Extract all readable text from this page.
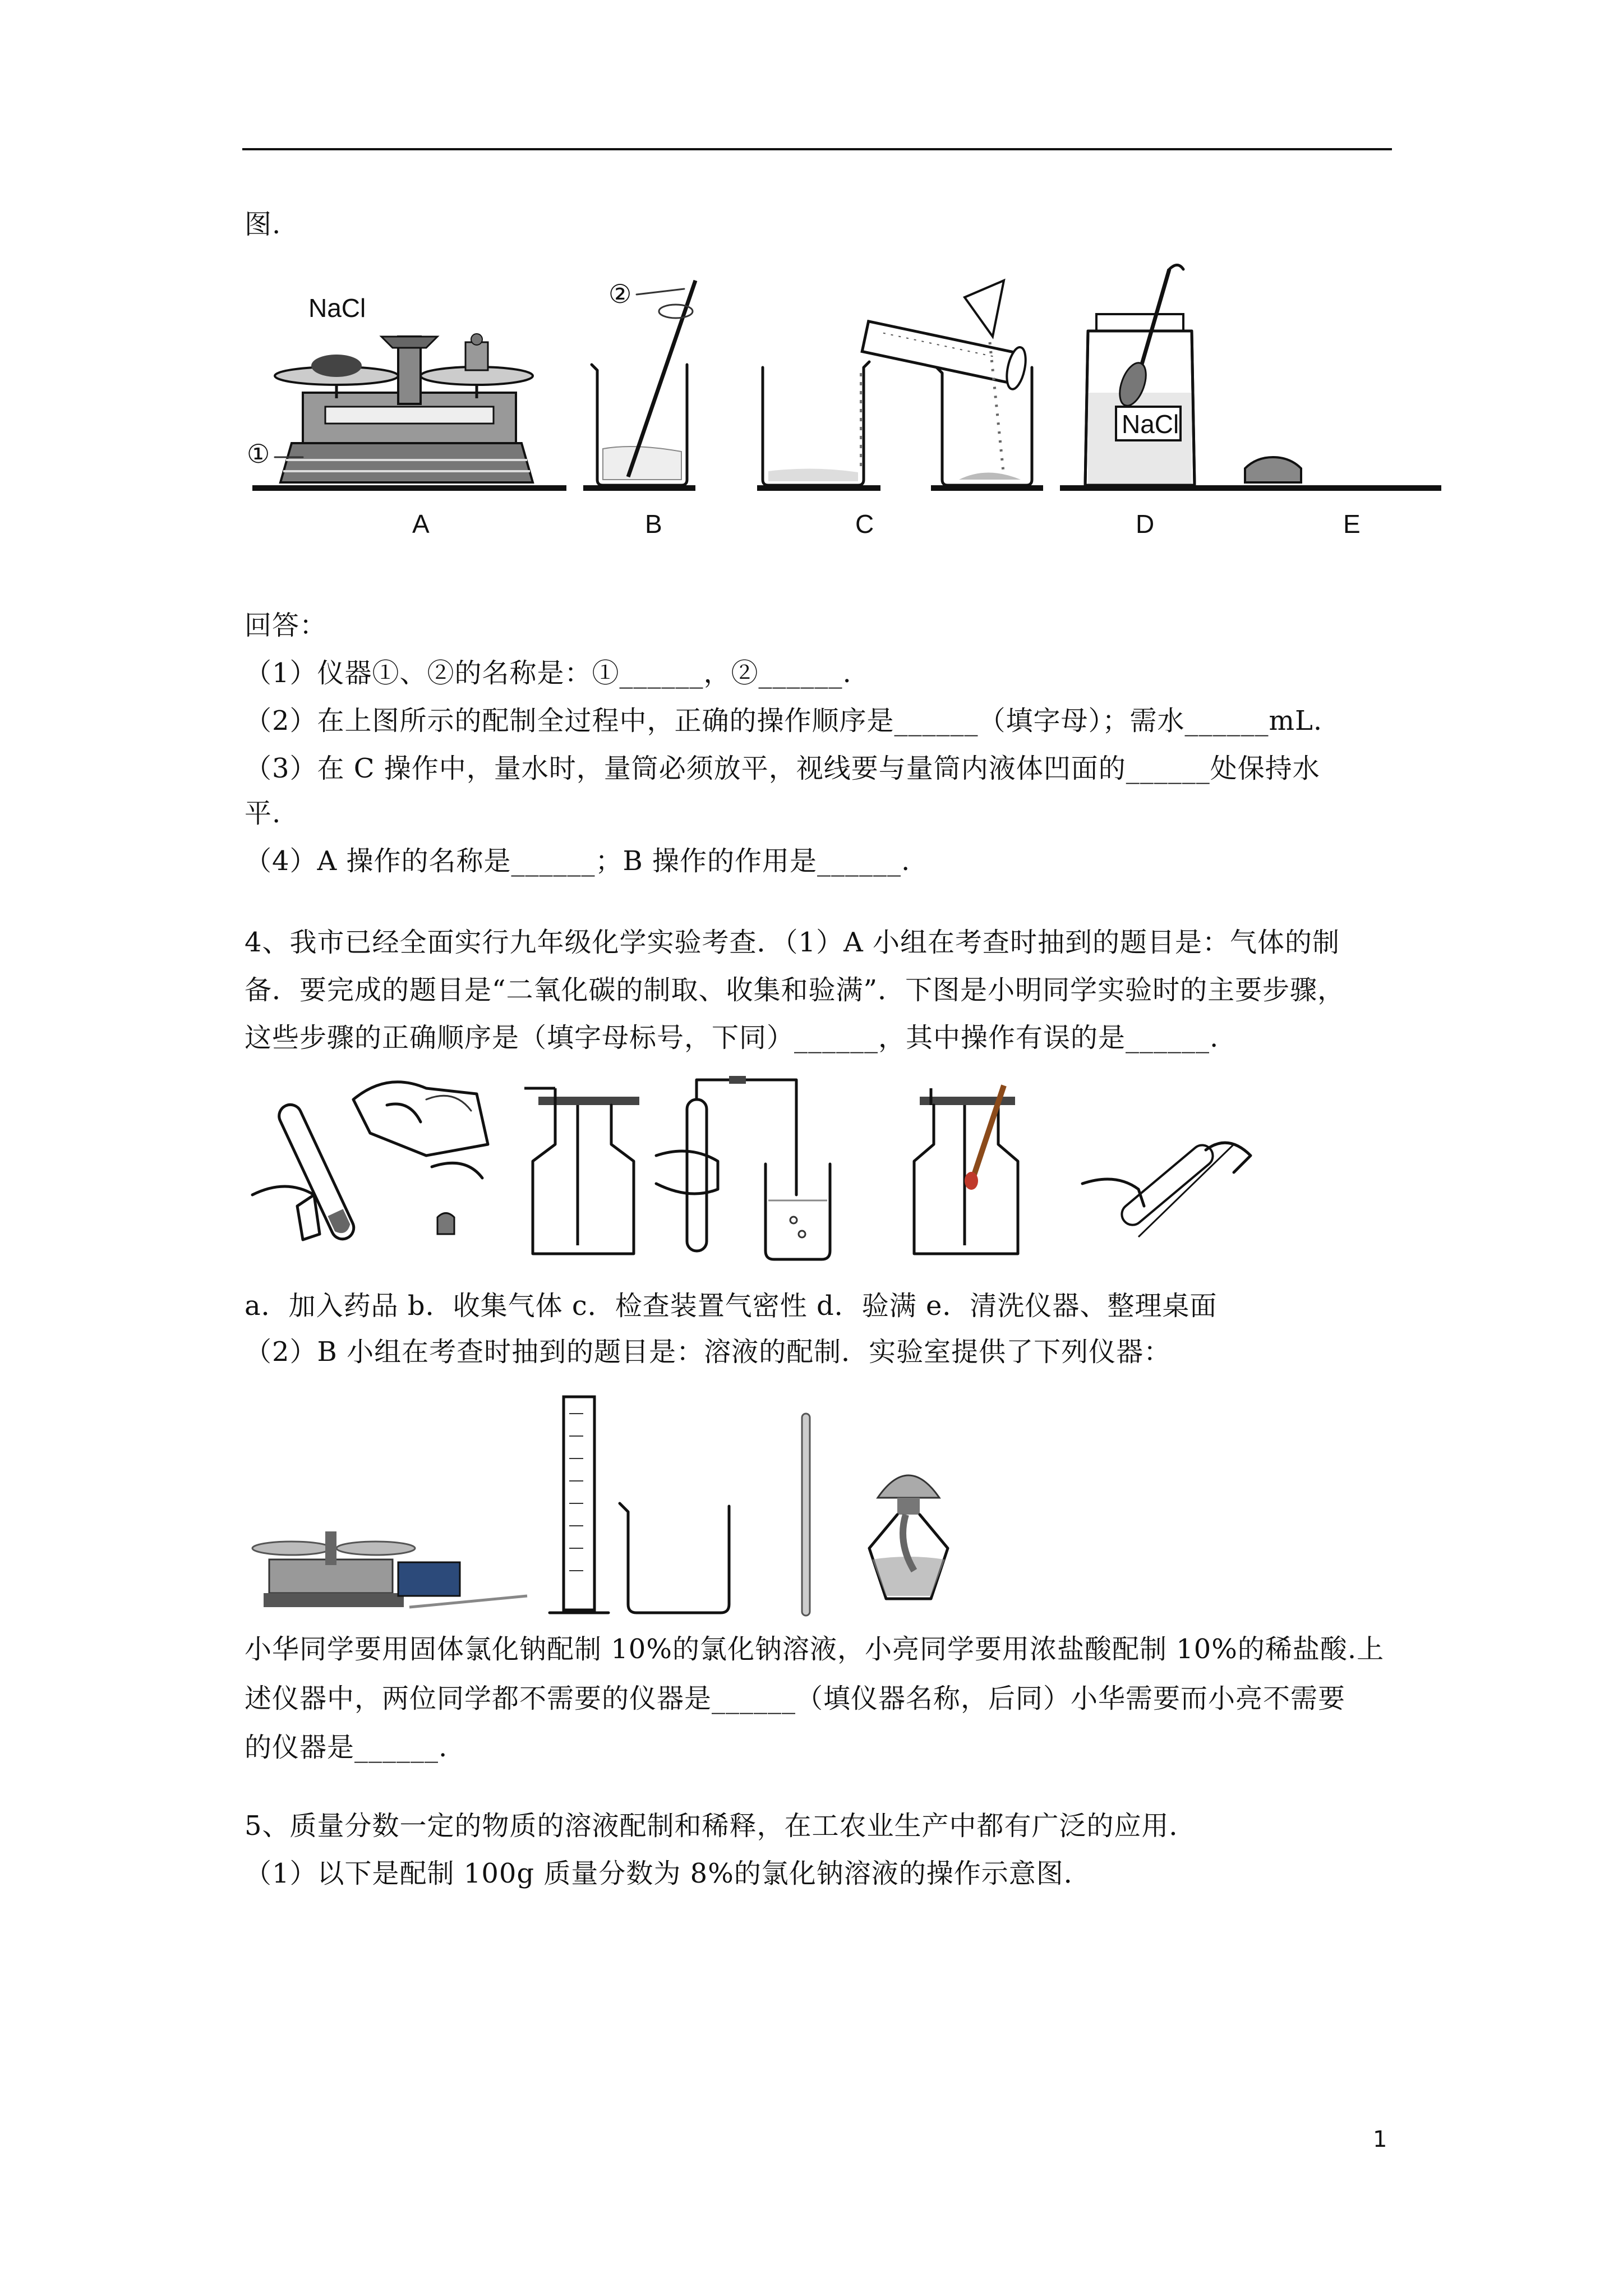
图.
NaCl
①
②
NaCl
A	B	C	D	E
回答：
（1）仪器①、②的名称是：①______，②______.
（2）在上图所示的配制全过程中，正确的操作顺序是______（填字母）；需水______mL.
（3）在 C 操作中，量水时，量筒必须放平，视线要与量筒内液体凹面的______处保持水
平.
（4）A 操作的名称是______；B 操作的作用是______.
4、我市已经全面实行九年级化学实验考查．（1）A 小组在考查时抽到的题目是：气体的制
备．要完成的题目是“二氧化碳的制取、收集和验满”．下图是小明同学实验时的主要步骤，
这些步骤的正确顺序是（填字母标号，下同）______，其中操作有误的是______.
a．加入药品 b．收集气体 c．检查装置气密性 d．验满 e．清洗仪器、整理桌面
（2）B 小组在考查时抽到的题目是：溶液的配制．实验室提供了下列仪器：
小华同学要用固体氯化钠配制 10%的氯化钠溶液，小亮同学要用浓盐酸配制 10%的稀盐酸.上
述仪器中，两位同学都不需要的仪器是______（填仪器名称，后同）小华需要而小亮不需要
的仪器是______.
5、质量分数一定的物质的溶液配制和稀释，在工农业生产中都有广泛的应用．
（1）以下是配制 100g 质量分数为 8%的氯化钠溶液的操作示意图．
1
